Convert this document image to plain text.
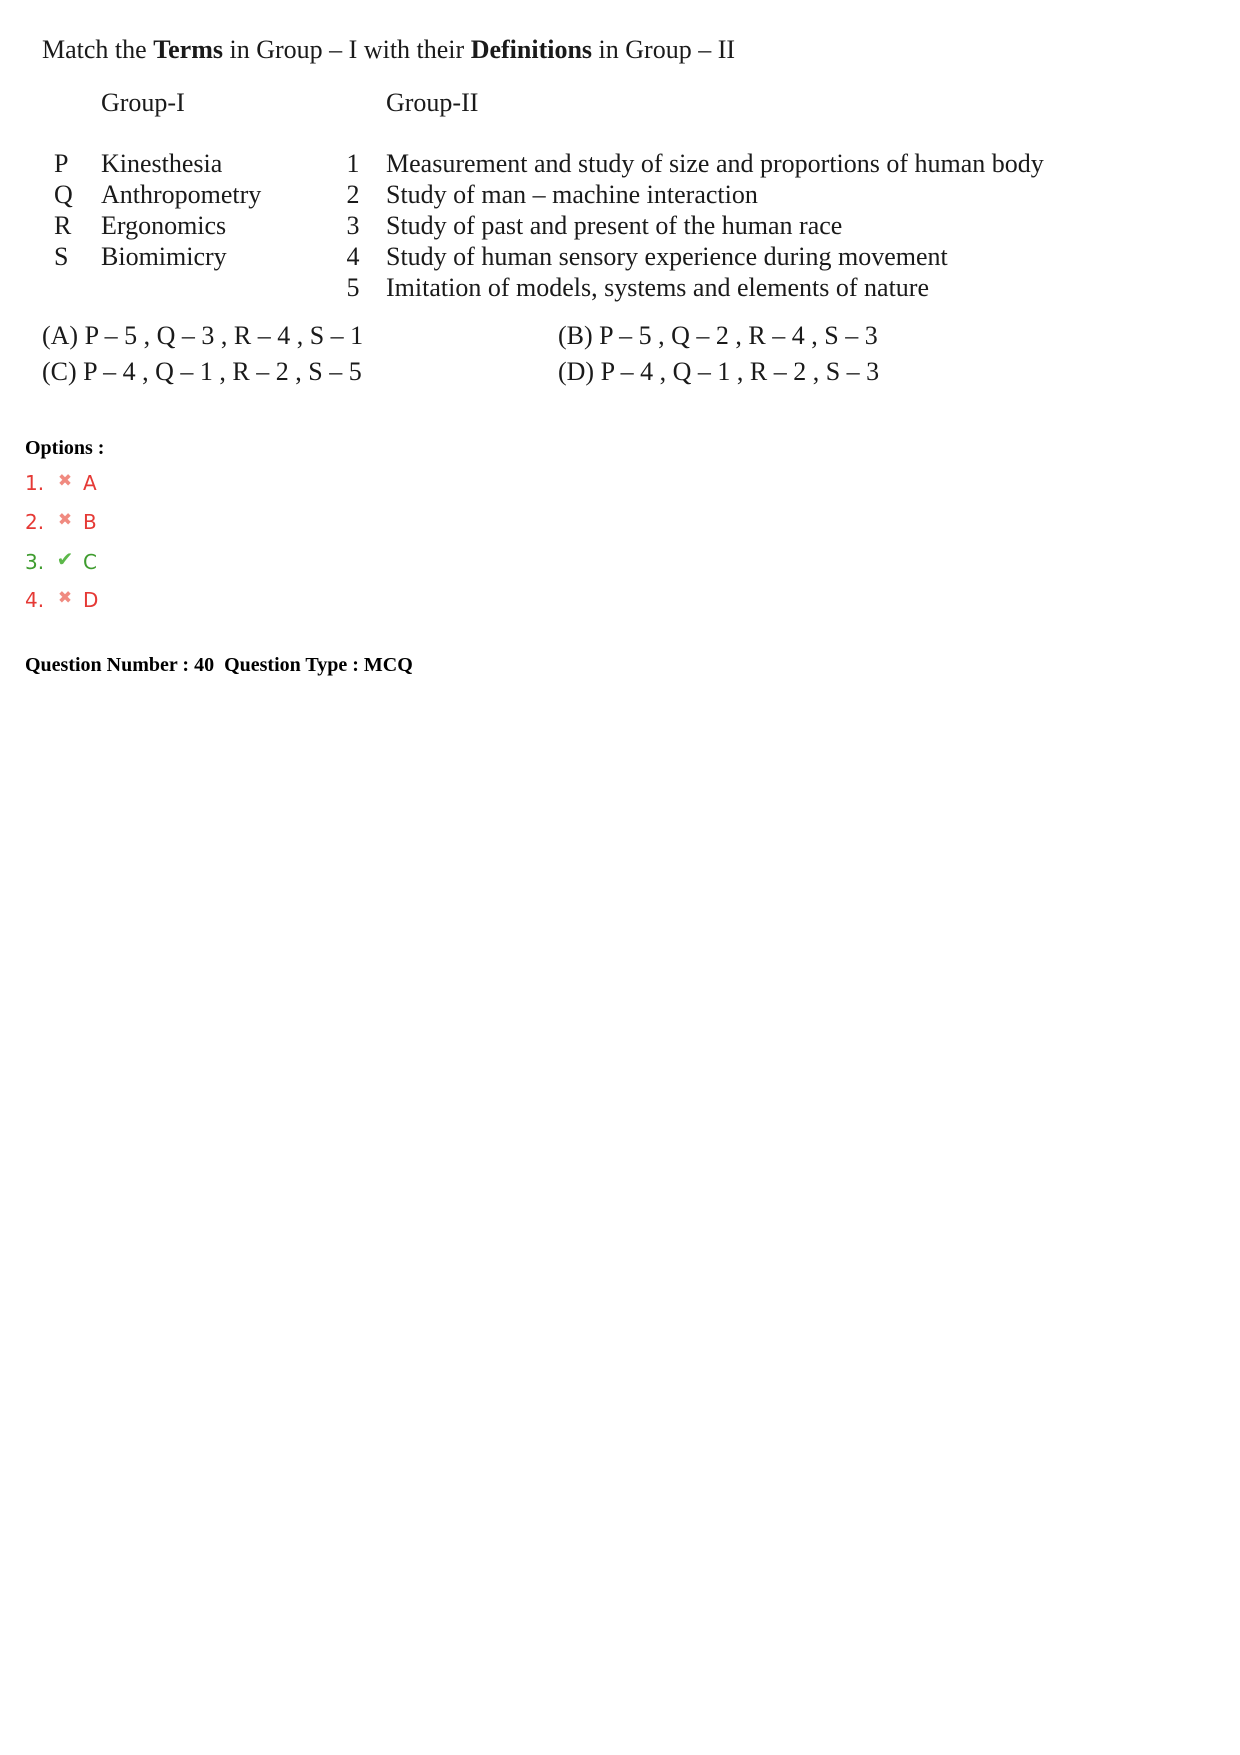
Match the Terms in Group – I with their Definitions in Group – II
Group-I	Group-II
P	Kinesthesia	1 Measurement and study of size and proportions of human body
Q	Anthropometry	2 Study of man – machine interaction
R	Ergonomics	3 Study of past and present of the human race
S	Biomimicry	4 Study of human sensory experience during movement
5 Imitation of models, systems and elements of nature
(A) P – 5 , Q – 3 , R – 4 , S – 1	(B) P – 5 , Q – 2 , R – 4 , S – 3
(C) P – 4 , Q – 1 , R – 2 , S – 5	(D) P – 4 , Q – 1 , R – 2 , S – 3
Options :
1. ✖ A
2. ✖ B
3. ✔ C
4. ✖ D
Question Number : 40 Question Type : MCQ
